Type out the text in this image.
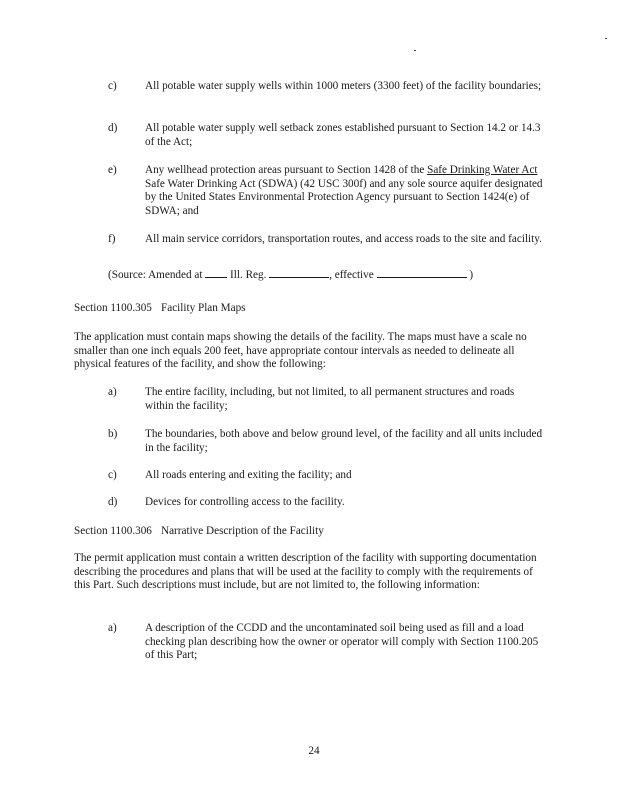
c)	All potable water supply wells within 1000 meters (3300 feet) of the facility boundaries;
d)	All potable water supply well setback zones established pursuant to Section 14.2 or 14.3 of the Act;
e)	Any wellhead protection areas pursuant to Section 1428 of the Safe Drinking Water Act Safe Water Drinking Act (SDWA) (42 USC 300f) and any sole source aquifer designated by the United States Environmental Protection Agency pursuant to Section 1424(e) of SDWA; and
f)	All main service corridors, transportation routes, and access roads to the site and facility.
(Source: Amended at Ill. Reg.	, effective	)
Section 1100.305 Facility Plan Maps
The application must contain maps showing the details of the facility. The maps must have a scale no smaller than one inch equals 200 feet, have appropriate contour intervals as needed to delineate all physical features of the facility, and show the following:
a)	The entire facility, including, but not limited, to all permanent structures and roads within the facility;
b)	The boundaries, both above and below ground level, of the facility and all units included in the facility;
c)	All roads entering and exiting the facility; and
d)	Devices for controlling access to the facility.
Section 1100.306 Narrative Description of the Facility
The permit application must contain a written description of the facility with supporting documentation describing the procedures and plans that will be used at the facility to comply with the requirements of this Part. Such descriptions must include, but are not limited to, the following information:
a)	A description of the CCDD and the uncontaminated soil being used as fill and a load checking plan describing how the owner or operator will comply with Section 1100.205 of this Part;
24
